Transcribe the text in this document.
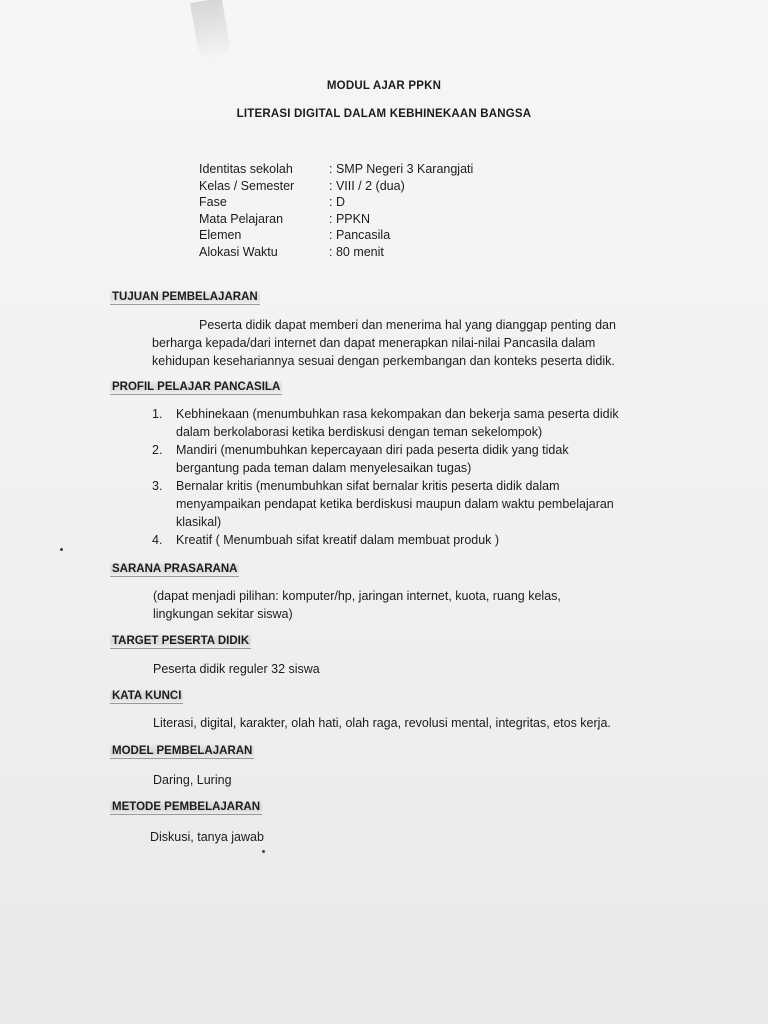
MODUL AJAR PPKN
LITERASI DIGITAL DALAM KEBHINEKAAN BANGSA
Identitas sekolah	: SMP Negeri 3 Karangjati
Kelas / Semester	: VIII / 2 (dua)
Fase	: D
Mata Pelajaran	: PPKN
Elemen	: Pancasila
Alokasi Waktu	: 80 menit
TUJUAN PEMBELAJARAN
Peserta didik dapat memberi dan menerima hal yang dianggap penting dan
berharga kepada/dari internet dan dapat menerapkan nilai-nilai Pancasila dalam
kehidupan kesehariannya sesuai dengan perkembangan dan konteks peserta didik.
PROFIL PELAJAR PANCASILA
1.	Kebhinekaan (menumbuhkan rasa kekompakan dan bekerja sama peserta didik
dalam berkolaborasi ketika berdiskusi dengan teman sekelompok)
2.	Mandiri (menumbuhkan kepercayaan diri pada peserta didik yang tidak
bergantung pada teman dalam menyelesaikan tugas)
3.	Bernalar kritis (menumbuhkan sifat bernalar kritis peserta didik dalam
menyampaikan pendapat ketika berdiskusi maupun dalam waktu pembelajaran
klasikal)
4.	Kreatif ( Menumbuah sifat kreatif dalam membuat produk )
SARANA PRASARANA
(dapat menjadi pilihan: komputer/hp, jaringan internet, kuota, ruang kelas,
lingkungan sekitar siswa)
TARGET PESERTA DIDIK
Peserta didik reguler 32 siswa
KATA KUNCI
Literasi, digital, karakter, olah hati, olah raga, revolusi mental, integritas, etos kerja.
MODEL PEMBELAJARAN
Daring, Luring
METODE PEMBELAJARAN
Diskusi, tanya jawab
